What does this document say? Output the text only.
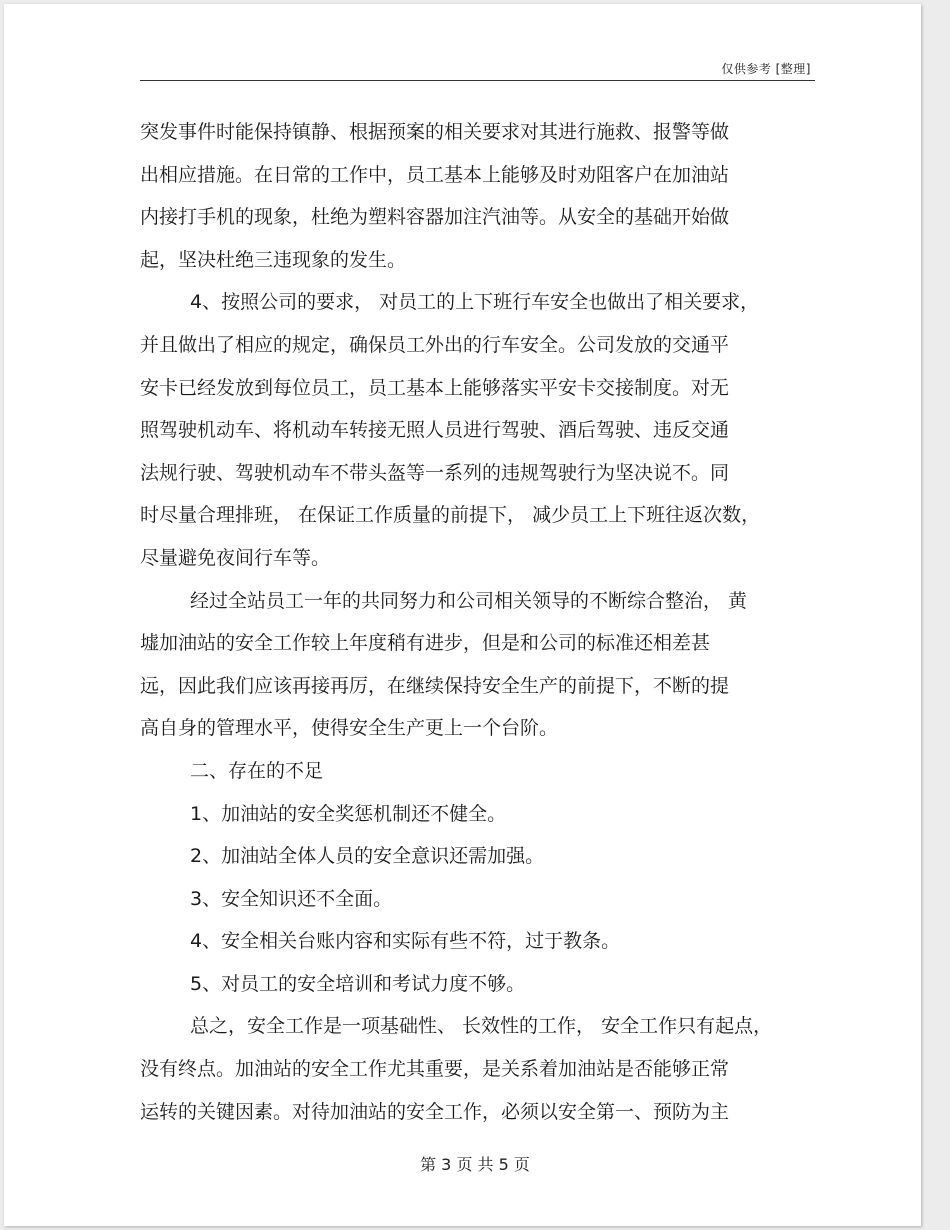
仅供参考 [整理]
突发事件时能保持镇静、根据预案的相关要求对其进行施救、报警等做
出相应措施。在日常的工作中，员工基本上能够及时劝阻客户在加油站
内接打手机的现象，杜绝为塑料容器加注汽油等。从安全的基础开始做
起，坚决杜绝三违现象的发生。
4、按照公司的要求， 对员工的上下班行车安全也做出了相关要求，
并且做出了相应的规定，确保员工外出的行车安全。公司发放的交通平
安卡已经发放到每位员工，员工基本上能够落实平安卡交接制度。对无
照驾驶机动车、将机动车转接无照人员进行驾驶、酒后驾驶、违反交通
法规行驶、驾驶机动车不带头盔等一系列的违规驾驶行为坚决说不。同
时尽量合理排班， 在保证工作质量的前提下， 减少员工上下班往返次数，
尽量避免夜间行车等。
经过全站员工一年的共同努力和公司相关领导的不断综合整治， 黄
墟加油站的安全工作较上年度稍有进步，但是和公司的标准还相差甚
远，因此我们应该再接再厉，在继续保持安全生产的前提下，不断的提
高自身的管理水平，使得安全生产更上一个台阶。
二、存在的不足
1、加油站的安全奖惩机制还不健全。
2、加油站全体人员的安全意识还需加强。
3、安全知识还不全面。
4、安全相关台账内容和实际有些不符，过于教条。
5、对员工的安全培训和考试力度不够。
总之，安全工作是一项基础性、 长效性的工作， 安全工作只有起点，
没有终点。加油站的安全工作尤其重要，是关系着加油站是否能够正常
运转的关键因素。对待加油站的安全工作，必须以安全第一、预防为主
第 3 页 共 5 页
